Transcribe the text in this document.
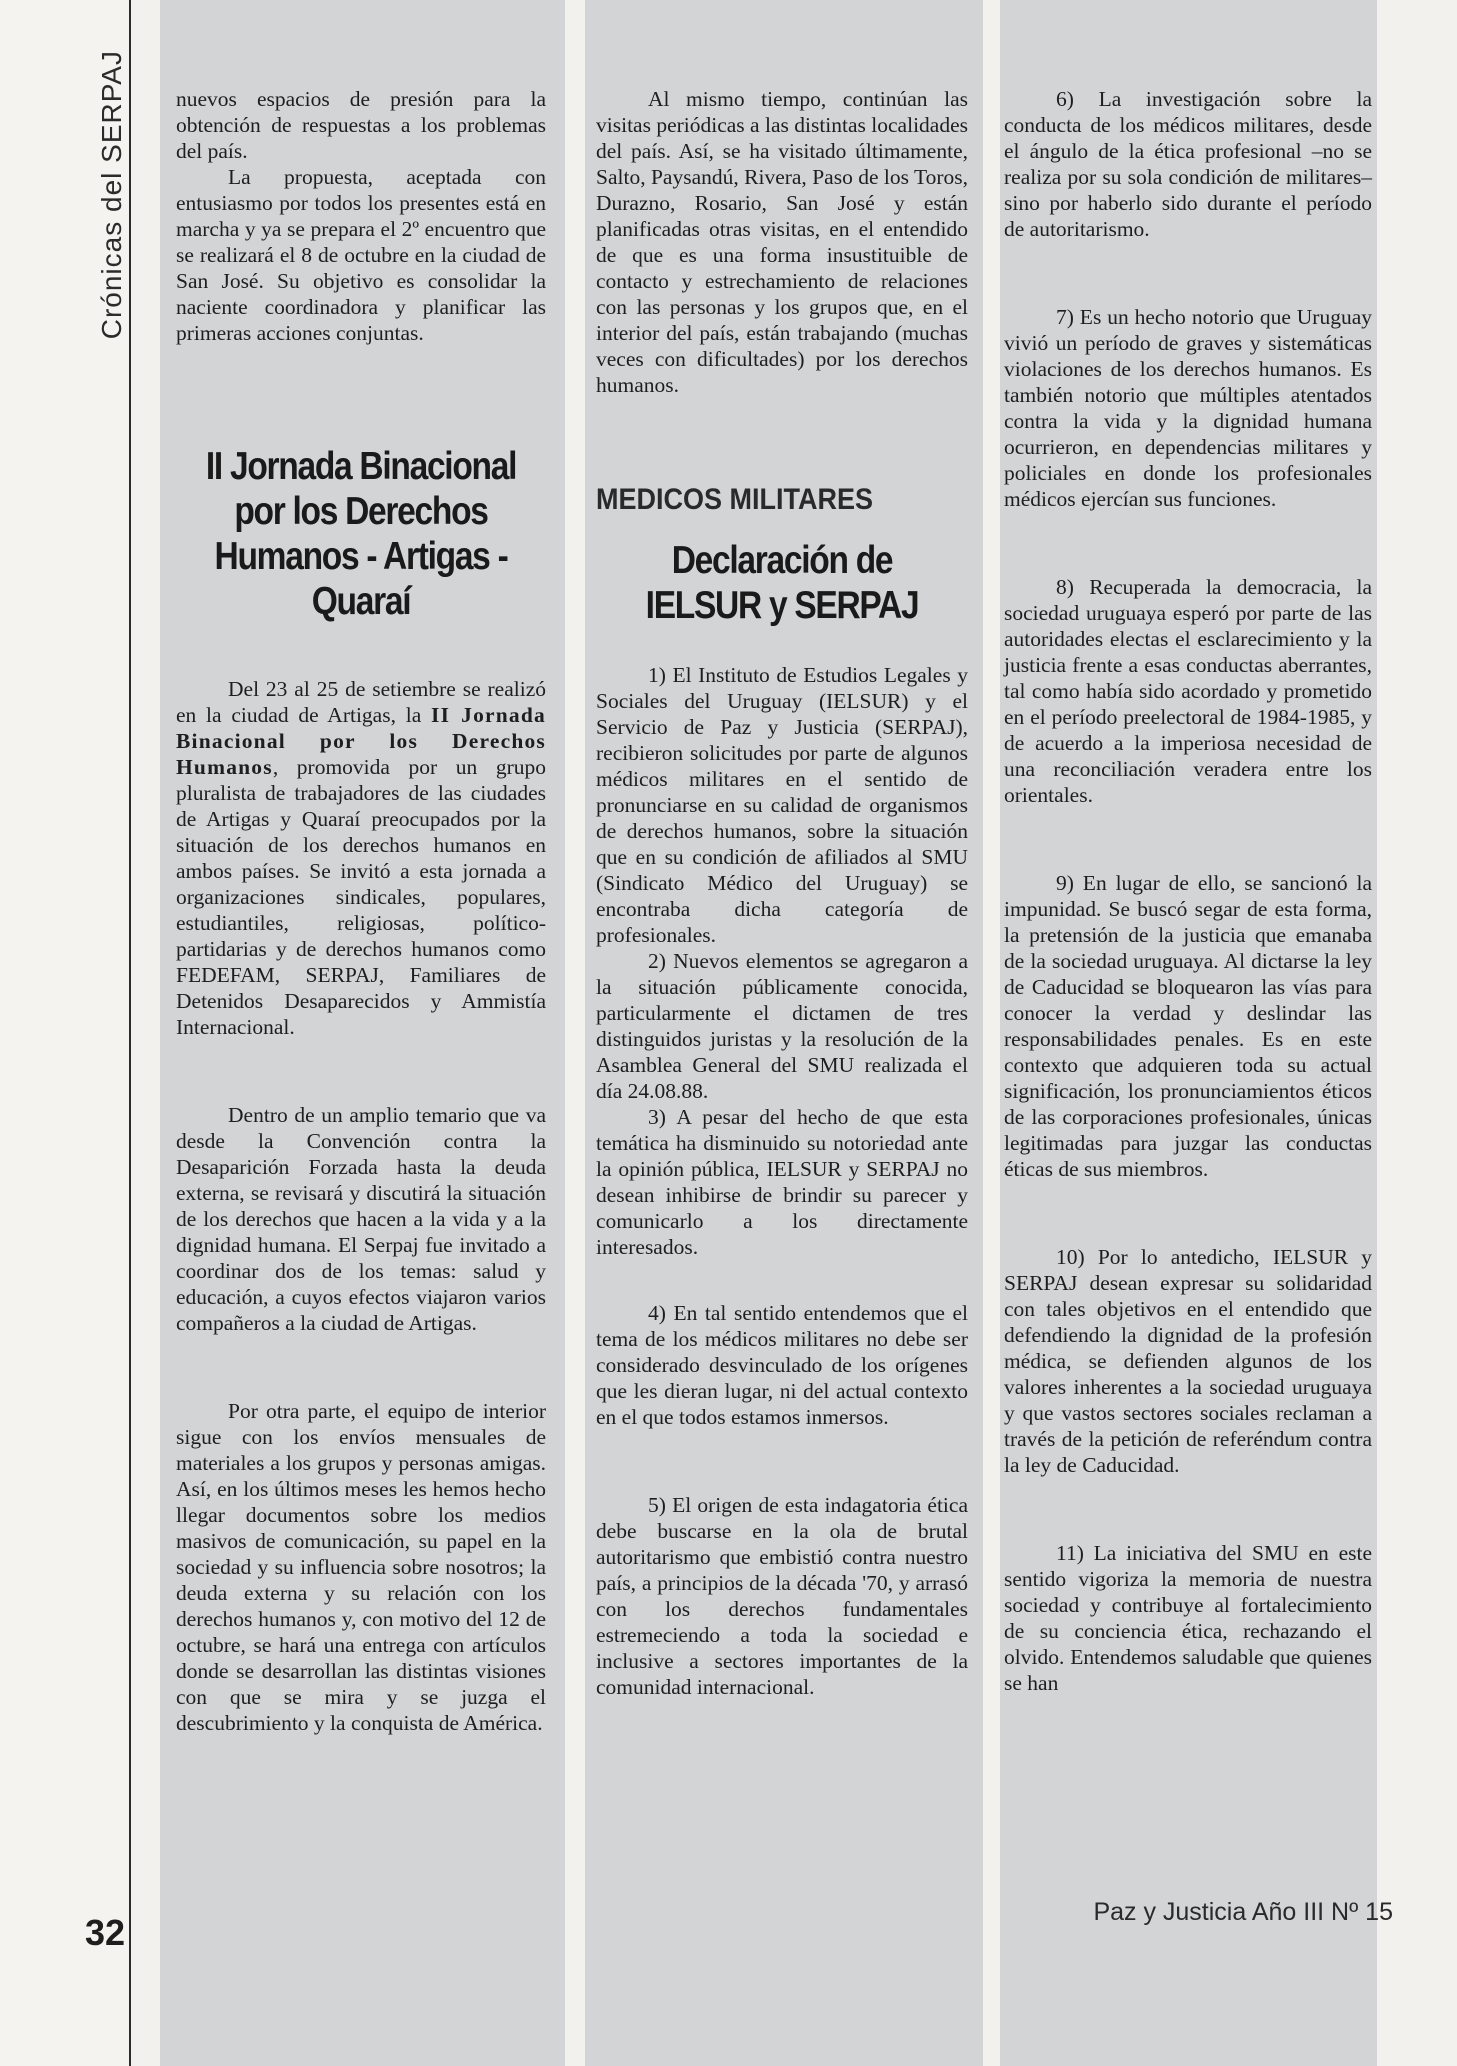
Crónicas del SERPAJ
32

nuevos espacios de presión para la obtención de respuestas a los problemas del país.

La propuesta, aceptada con entusiasmo por todos los presentes está en marcha y ya se prepara el 2º encuentro que se realizará el 8 de octubre en la ciudad de San José. Su objetivo es consolidar la naciente coordinadora y planificar las primeras acciones conjuntas.

II Jornada Binacional por los Derechos Humanos - Artigas - Quaraí

Del 23 al 25 de setiembre se realizó en la ciudad de Artigas, la II Jornada Binacional por los Derechos Humanos, promovida por un grupo pluralista de trabajadores de las ciudades de Artigas y Quaraí preocupados por la situación de los derechos humanos en ambos países. Se invitó a esta jornada a organizaciones sindicales, populares, estudiantiles, religiosas, político-partidarias y de derechos humanos como FEDEFAM, SERPAJ, Familiares de Detenidos Desaparecidos y Ammistía Internacional.

Dentro de un amplio temario que va desde la Convención contra la Desaparición Forzada hasta la deuda externa, se revisará y discutirá la situación de los derechos que hacen a la vida y a la dignidad humana. El Serpaj fue invitado a coordinar dos de los temas: salud y educación, a cuyos efectos viajaron varios compañeros a la ciudad de Artigas.

Por otra parte, el equipo de interior sigue con los envíos mensuales de materiales a los grupos y personas amigas. Así, en los últimos meses les hemos hecho llegar documentos sobre los medios masivos de comunicación, su papel en la sociedad y su influencia sobre nosotros; la deuda externa y su relación con los derechos humanos y, con motivo del 12 de octubre, se hará una entrega con artículos donde se desarrollan las distintas visiones con que se mira y se juzga el descubrimiento y la conquista de América.

Al mismo tiempo, continúan las visitas periódicas a las distintas localidades del país. Así, se ha visitado últimamente, Salto, Paysandú, Rivera, Paso de los Toros, Durazno, Rosario, San José y están planificadas otras visitas, en el entendido de que es una forma insustituible de contacto y estrechamiento de relaciones con las personas y los grupos que, en el interior del país, están trabajando (muchas veces con dificultades) por los derechos humanos.

MEDICOS MILITARES
Declaración de IELSUR y SERPAJ

1) El Instituto de Estudios Legales y Sociales del Uruguay (IELSUR) y el Servicio de Paz y Justicia (SERPAJ), recibieron solicitudes por parte de algunos médicos militares en el sentido de pronunciarse en su calidad de organismos de derechos humanos, sobre la situación que en su condición de afiliados al SMU (Sindicato Médico del Uruguay) se encontraba dicha categoría de profesionales.

2) Nuevos elementos se agregaron a la situación públicamente conocida, particularmente el dictamen de tres distinguidos juristas y la resolución de la Asamblea General del SMU realizada el día 24.08.88.

3) A pesar del hecho de que esta temática ha disminuido su notoriedad ante la opinión pública, IELSUR y SERPAJ no desean inhibirse de brindir su parecer y comunicarlo a los directamente interesados.

4) En tal sentido entendemos que el tema de los médicos militares no debe ser considerado desvinculado de los orígenes que les dieran lugar, ni del actual contexto en el que todos estamos inmersos.

5) El origen de esta indagatoria ética debe buscarse en la ola de brutal autoritarismo que embistió contra nuestro país, a principios de la década '70, y arrasó con los derechos fundamentales estremeciendo a toda la sociedad e inclusive a sectores importantes de la comunidad internacional.

6) La investigación sobre la conducta de los médicos militares, desde el ángulo de la ética profesional –no se realiza por su sola condición de militares– sino por haberlo sido durante el período de autoritarismo.

7) Es un hecho notorio que Uruguay vivió un período de graves y sistemáticas violaciones de los derechos humanos. Es también notorio que múltiples atentados contra la vida y la dignidad humana ocurrieron, en dependencias militares y policiales en donde los profesionales médicos ejercían sus funciones.

8) Recuperada la democracia, la sociedad uruguaya esperó por parte de las autoridades electas el esclarecimiento y la justicia frente a esas conductas aberrantes, tal como había sido acordado y prometido en el período preelectoral de 1984-1985, y de acuerdo a la imperiosa necesidad de una reconciliación veradera entre los orientales.

9) En lugar de ello, se sancionó la impunidad. Se buscó segar de esta forma, la pretensión de la justicia que emanaba de la sociedad uruguaya. Al dictarse la ley de Caducidad se bloquearon las vías para conocer la verdad y deslindar las responsabilidades penales. Es en este contexto que adquieren toda su actual significación, los pronunciamientos éticos de las corporaciones profesionales, únicas legitimadas para juzgar las conductas éticas de sus miembros.

10) Por lo antedicho, IELSUR y SERPAJ desean expresar su solidaridad con tales objetivos en el entendido que defendiendo la dignidad de la profesión médica, se defienden algunos de los valores inherentes a la sociedad uruguaya y que vastos sectores sociales reclaman a través de la petición de referéndum contra la ley de Caducidad.

11) La iniciativa del SMU en este sentido vigoriza la memoria de nuestra sociedad y contribuye al fortalecimiento de su conciencia ética, rechazando el olvido. Entendemos saludable que quienes se han

Paz y Justicia Año III Nº 15
